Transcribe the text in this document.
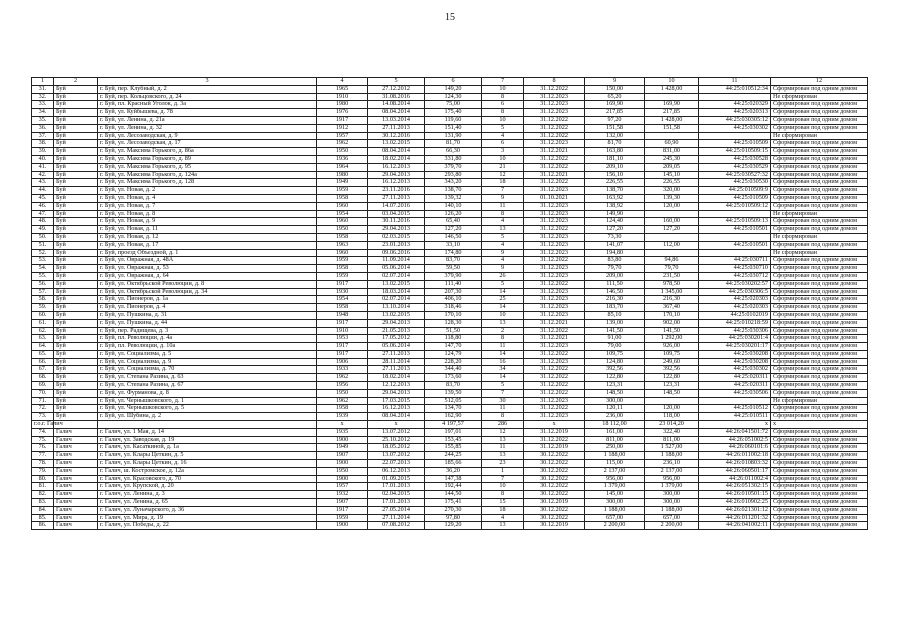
15
1	2	3	4	5	6	7	8	9	10	11	12
31.	Буй	г. Буй, пер. Клубный, д. 2	1965	27.12.2012	149,20	10	31.12.2022	150,00	1 428,00	44:25:010512:34	Сформирован под одним домом
32.	Буй	г. Буй, пер. Кольцовского, д. 24	1910	31.08.2016	124,30	8	31.12.2023	65,20			Не сформирован
33.	Буй	г. Буй, пл. Красный Уголок, д. 3а	1980	14.08.2014	75,00	6	31.12.2023	169,90	169,90	44:25:020329	Сформирован под одним домом
34.	Буй	г. Буй, ул. Куйбышева, д. 78	1976	08.04.2014	175,40	8	31.12.2023	217,85	217,85	44:25:020313	Сформирован под одним домом
35.	Буй	г. Буй, ул. Ленина, д. 21а	1917	13.03.2014	119,60	10	31.12.2022	97,20	1 428,00	44:25:030305:12	Сформирован под одним домом
36.	Буй	г. Буй, ул. Ленина, д. 32	1912	27.11.2013	151,40	5	31.12.2022	151,58	151,58	44:25:030302	Сформирован под одним домом
37.	Буй	г. Буй, ул. Лесозаводская, д. 9	1957	30.12.2016	131,90	4	31.12.2022	132,00			Не сформирован
38.	Буй	г. Буй, ул. Лесозаводская, д. 17	1962	13.02.2015	81,70	6	31.12.2023	81,70	60,90	44:25:010509	Сформирован под одним домом
39.	Буй	г. Буй, ул. Максима Горького, д. 86а	1950	08.04.2014	66,30	3	31.12.2021	163,80	831,00	44:25:010509:15	Сформирован под одним домом
40.	Буй	г. Буй, ул. Максима Горького, д. 89	1936	18.02.2014	331,80	10	31.12.2022	181,10	245,30	44:25:030528	Сформирован под одним домом
41.	Буй	г. Буй, ул. Максима Горького, д. 95	1964	16.12.2013	379,70	21	31.12.2022	209,10	209,05	44:25:030529	Сформирован под одним домом
42.	Буй	г. Буй, ул. Максима Горького, д. 124а	1980	29.04.2013	293,80	12	31.12.2021	156,10	145,10	44:25:030527:32	Сформирован под одним домом
43.	Буй	г. Буй, ул. Максима Горького, д. 128	1949	16.12.2013	343,20	18	31.12.2022	226,55	226,55	44:25:030530	Сформирован под одним домом
44.	Буй	г. Буй, ул. Новая, д. 2	1959	23.11.2016	138,70	7	31.12.2023	138,70	320,00	44:25:010509:9	Сформирован под одним домом
45.	Буй	г. Буй, ул. Новая, д. 4	1958	27.11.2013	139,32	9	01.10.2021	163,92	139,30	44:25:010509	Сформирован под одним домом
46.	Буй	г. Буй, ул. Новая, д. 7	1960	14.07.2016	140,10	11	31.12.2023	138,92	120,00	44:25:010509:12	Сформирован под одним домом
47.	Буй	г. Буй, ул. Новая, д. 8	1954	03.04.2015	126,20	8	31.12.2023	149,90			Не сформирован
48.	Буй	г. Буй, ул. Новая, д. 9	1960	30.11.2016	65,40	4	31.12.2023	124,40	160,00	44:25:010509:13	Сформирован под одним домом
49.	Буй	г. Буй, ул. Новая, д. 11	1950	29.04.2013	127,20	13	31.12.2022	127,20	127,20	44:25:010501	Сформирован под одним домом
50.	Буй	г. Буй, ул. Новая, д. 12	1958	02.03.2015	146,50	5	31.12.2023	73,30			Не сформирован
51.	Буй	г. Буй, ул. Новая, д. 17	1963	23.01.2013	33,10	4	31.12.2023	141,07	112,00	44:25:010501	Сформирован под одним домом
52.	Буй	г. Буй, проезд Объездной, д. 1	1960	09.06.2016	174,80	9	31.12.2023	194,80			Не сформирован
53.	Буй	г. Буй, ул. Овражная, д. 48А	1959	11.09.2014	83,70	4	31.12.2022	83,80	94,86	44:25:030711	Сформирован под одним домом
54.	Буй	г. Буй, ул. Овражная, д. 53	1958	05.06.2014	59,50	9	31.12.2023	79,70	79,70	44:25:030710	Сформирован под одним домом
55.	Буй	г. Буй, ул. Овражная, д. 64	1959	02.07.2014	379,90	26	31.12.2023	209,00	231,50	44:25:030712	Сформирован под одним домом
56.	Буй	г. Буй, ул. Октябрьской Революции, д. 8	1917	13.02.2015	111,40	5	31.12.2022	111,50	978,50	44:25:030202:57	Сформирован под одним домом
57.	Буй	г. Буй, ул. Октябрьской Революции, д. 34	1930	18.03.2014	207,30	14	31.12.2023	146,50	1 345,00	44:25:030306:5	Сформирован под одним домом
58.	Буй	г. Буй, ул. Пионеров, д. 1а	1954	02.07.2014	406,10	25	31.12.2023	216,30	216,30	44:25:020303	Сформирован под одним домом
59.	Буй	г. Буй, ул. Пионеров, д. 4	1958	13.10.2014	318,46	14	31.12.2023	183,70	367,40	44:25:020303	Сформирован под одним домом
60.	Буй	г. Буй, ул. Пушкина, д. 31	1948	13.02.2015	170,10	10	31.12.2023	85,10	170,10	44:25:0102019	Сформирован под одним домом
61.	Буй	г. Буй, ул. Пушкина, д. 44	1917	29.04.2013	128,30	13	31.12.2021	139,00	902,00	44:25:010218:59	Сформирован под одним домом
62.	Буй	г. Буй, пер. Радищева, д. 3	1910	21.05.2013	51,50	2	31.12.2022	141,50	141,50	44:25:030306	Сформирован под одним домом
63.	Буй	г. Буй, пл. Революции, д. 4а	1953	17.05.2012	118,80	8	31.12.2021	91,00	1 292,00	44:25:030201:4	Сформирован под одним домом
64.	Буй	г. Буй, пл. Революции, д. 10а	1917	05.06.2014	147,70	11	31.12.2023	79,00	926,00	44:25:030201:17	Сформирован под одним домом
65.	Буй	г. Буй, ул. Социализма, д. 5	1917	27.11.2013	124,79	14	31.12.2022	109,75	109,75	44:25:030208	Сформирован под одним домом
66.	Буй	г. Буй, ул. Социализма, д. 9	1906	28.11.2014	228,20	16	31.12.2023	124,80	249,60	44:25:030208	Сформирован под одним домом
67.	Буй	г. Буй, ул. Социализма, д. 70	1933	27.11.2013	344,40	34	31.12.2022	392,56	392,56	44:25:030302	Сформирован под одним домом
68.	Буй	г. Буй, ул. Степана Разина, д. 63	1962	18.02.2014	173,60	14	31.12.2022	122,80	122,80	44:25:020311	Сформирован под одним домом
69.	Буй	г. Буй, ул. Степана Разина, д. 67	1956	12.12.2013	83,70	5	31.12.2022	123,31	123,31	44:25:020311	Сформирован под одним домом
70.	Буй	г. Буй, ул. Фурманова, д. 8	1950	29.04.2013	139,50	7	31.12.2022	148,50	148,50	44:25:030506	Сформирован под одним домом
71.	Буй	г. Буй, ул. Чернышковского, д. 1	1962	17.03.2015	512,05	30	31.12.2023	300,00			Не сформирован
72.	Буй	г. Буй, ул. Чернышковского, д. 5	1958	16.12.2013	134,70	11	31.12.2022	120,11	120,00	44:25:010512	Сформирован под одним домом
73.	Буй	г. Буй, ул. Шубина, д. 2	1939	08.04.2014	162,90	8	31.12.2023	236,00	118,00	44:25:010511	Сформирован под одним домом
г.о.г. Галич			x	x	4 197,57	286	x	18 112,00	23 014,20	x	x
74.	Галич	г. Галич, ул. 1 Мая, д. 14	1935	13.07.2012	197,01	12	31.12.2019	161,00	322,40	44:26:041501:72	Сформирован под одним домом
75.	Галич	г. Галич, ул. Заводская, д. 19	1900	25.10.2012	153,45	13	31.12.2022	811,00	811,00	44:26:051002:5	Сформирован под одним домом
76.	Галич	г. Галич, ул. Касаткиной, д. 1а	1949	18.05.2012	155,85	11	31.12.2019	250,00	1 527,00	44:26:060101:6	Сформирован под одним домом
77.	Галич	г. Галич, ул. Клары Цеткин, д. 5	1907	13.07.2012	244,25	13	30.12.2022	1 188,00	1 188,00	44:26:011002:18	Сформирован под одним домом
78.	Галич	г. Галич, ул. Клары Цеткин, д. 16	1900	22.07.2013	185,66	23	30.12.2022	115,00	236,10	44:26:010803:32	Сформирован под одним домом
79.	Галич	г. Галич, ш. Костромское, д. 12а	1950	06.12.2013	36,20	1	30.12.2022	2 137,00	2 137,00	44:26:060501:17	Сформирован под одним домом
80.	Галич	г. Галич, ул. Красовского, д. 70	1900	01.09.2015	147,38	7	30.12.2022	956,00	956,00	44:26:011002:4	Сформирован под одним домом
81.	Галич	г. Галич, ул. Крупской, д. 20	1957	17.01.2013	192,44	10	30.12.2022	1 379,00	1 379,00	44:26:051302:15	Сформирован под одним домом
82.	Галич	г. Галич, ул. Ленина, д. 3	1932	02.04.2015	144,50	8	30.12.2022	145,00	300,00	44:26:010501:15	Сформирован под одним домом
83.	Галич	г. Галич, ул. Ленина, д. 65	1907	17.01.2013	175,41	15	30.12.2019	300,00	300,00	44:26:010902:25	Сформирован под одним домом
84.	Галич	г. Галич, ул. Луначарского, д. 36	1917	27.05.2014	270,30	18	30.12.2022	1 188,00	1 188,00	44:26:021301:12	Сформирован под одним домом
85.	Галич	г. Галич, ул. Мира, д. 19	1959	27.11.2014	97,80	4	30.12.2022	657,00	657,00	44:26:011201:32	Сформирован под одним домом
86.	Галич	г. Галич, ул. Победы, д. 22	1900	07.08.2012	129,20	13	30.12.2019	2 200,00	2 200,00	44:26:041002:11	Сформирован под одним домом
